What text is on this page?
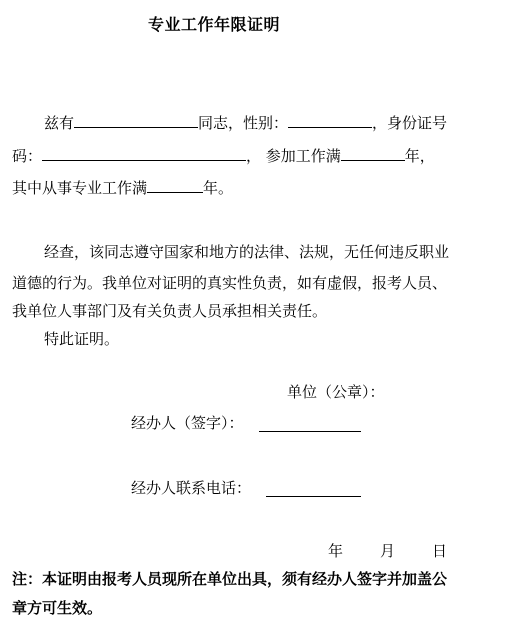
专业工作年限证明
兹有	同志，性别：	，身份证号
码：	， 参加工作满	年，
其中从事专业工作满	年。
经查，该同志遵守国家和地方的法律、法规，无任何违反职业
道德的行为。我单位对证明的真实性负责，如有虚假，报考人员、
我单位人事部门及有关负责人员承担相关责任。
特此证明。
单位（公章）：
经办人（签字）：
经办人联系电话：
年 月 日
注：本证明由报考人员现所在单位出具，须有经办人签字并加盖公
章方可生效。
